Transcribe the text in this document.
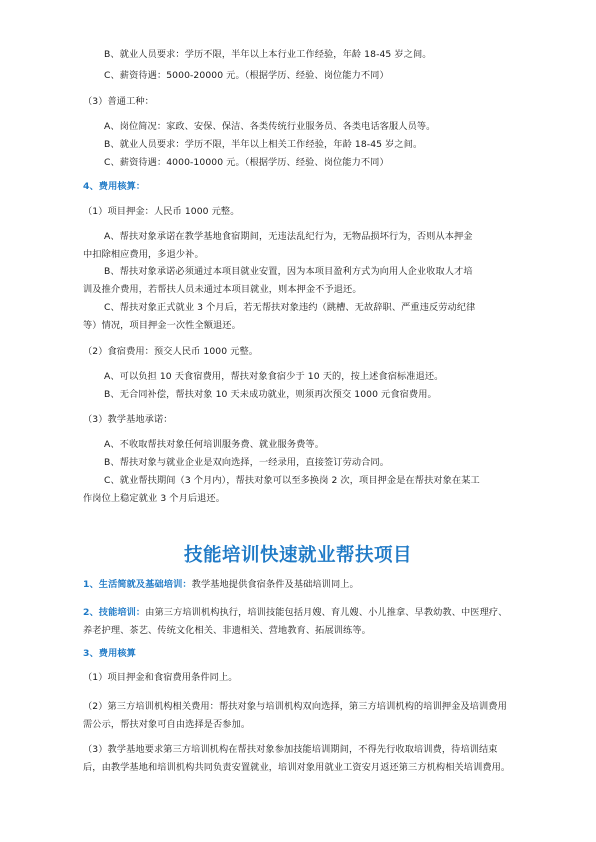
B、就业人员要求：学历不限，半年以上本行业工作经验，年龄 18-45 岁之间。
C、薪资待遇：5000-20000 元。（根据学历、经验、岗位能力不同）
（3）普通工种：
A、岗位简况：家政、安保、保洁、各类传统行业服务员、各类电话客服人员等。
B、就业人员要求：学历不限，半年以上相关工作经验，年龄 18-45 岁之间。
C、薪资待遇：4000-10000 元。（根据学历、经验、岗位能力不同）
4、费用核算：
（1）项目押金：人民币 1000 元整。
A、帮扶对象承诺在教学基地食宿期间，无违法乱纪行为，无物品损坏行为，否则从本押金
中扣除相应费用，多退少补。
B、帮扶对象承诺必须通过本项目就业安置，因为本项目盈利方式为向用人企业收取人才培
训及推介费用，若帮扶人员未通过本项目就业，则本押金不予退还。
C、帮扶对象正式就业 3 个月后，若无帮扶对象违约（跳槽、无故辞职、严重违反劳动纪律
等）情况，项目押金一次性全额退还。
（2）食宿费用：预交人民币 1000 元整。
A、可以负担 10 天食宿费用，帮扶对象食宿少于 10 天的，按上述食宿标准退还。
B、无合同补偿，帮扶对象 10 天未成功就业，则须再次预交 1000 元食宿费用。
（3）教学基地承诺：
A、不收取帮扶对象任何培训服务费、就业服务费等。
B、帮扶对象与就业企业是双向选择，一经录用，直接签订劳动合同。
C、就业帮扶期间（3 个月内），帮扶对象可以至多换岗 2 次，项目押金是在帮扶对象在某工
作岗位上稳定就业 3 个月后退还。
技能培训快速就业帮扶项目
1、生活简就及基础培训：教学基地提供食宿条件及基础培训同上。
2、技能培训：由第三方培训机构执行，培训技能包括月嫂、育儿嫂、小儿推拿、早教幼教、中医理疗、养老护理、茶艺、传统文化相关、非遗相关、营地教育、拓展训练等。
3、费用核算
（1）项目押金和食宿费用条件同上。
（2）第三方培训机构相关费用：帮扶对象与培训机构双向选择，第三方培训机构的培训押金及培训费用需公示，帮扶对象可自由选择是否参加。
（3）教学基地要求第三方培训机构在帮扶对象参加技能培训期间，不得先行收取培训费，待培训结束后，由教学基地和培训机构共同负责安置就业，培训对象用就业工资安月返还第三方机构相关培训费用。
